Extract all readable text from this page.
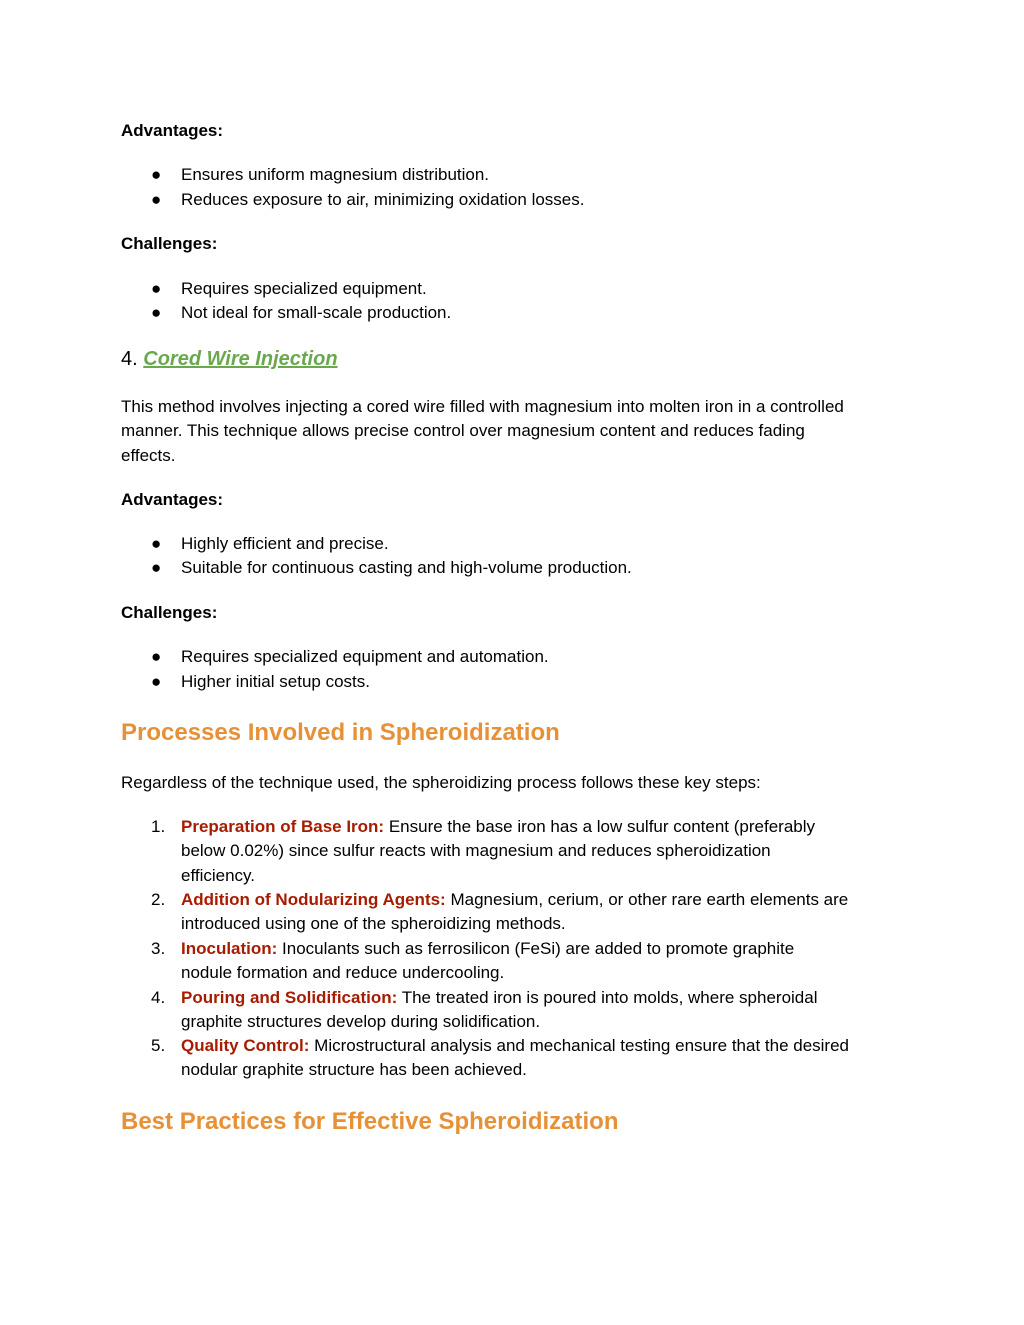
Advantages:
● Ensures uniform magnesium distribution.
● Reduces exposure to air, minimizing oxidation losses.
Challenges:
● Requires specialized equipment.
● Not ideal for small-scale production.
4. Cored Wire Injection
This method involves injecting a cored wire filled with magnesium into molten iron in a controlled
manner. This technique allows precise control over magnesium content and reduces fading
effects.
Advantages:
● Highly efficient and precise.
● Suitable for continuous casting and high-volume production.
Challenges:
● Requires specialized equipment and automation.
● Higher initial setup costs.
Processes Involved in Spheroidization
Regardless of the technique used, the spheroidizing process follows these key steps:
1. Preparation of Base Iron: Ensure the base iron has a low sulfur content (preferably
below 0.02%) since sulfur reacts with magnesium and reduces spheroidization
efficiency.
2. Addition of Nodularizing Agents: Magnesium, cerium, or other rare earth elements are
introduced using one of the spheroidizing methods.
3. Inoculation: Inoculants such as ferrosilicon (FeSi) are added to promote graphite
nodule formation and reduce undercooling.
4. Pouring and Solidification: The treated iron is poured into molds, where spheroidal
graphite structures develop during solidification.
5. Quality Control: Microstructural analysis and mechanical testing ensure that the desired
nodular graphite structure has been achieved.
Best Practices for Effective Spheroidization
